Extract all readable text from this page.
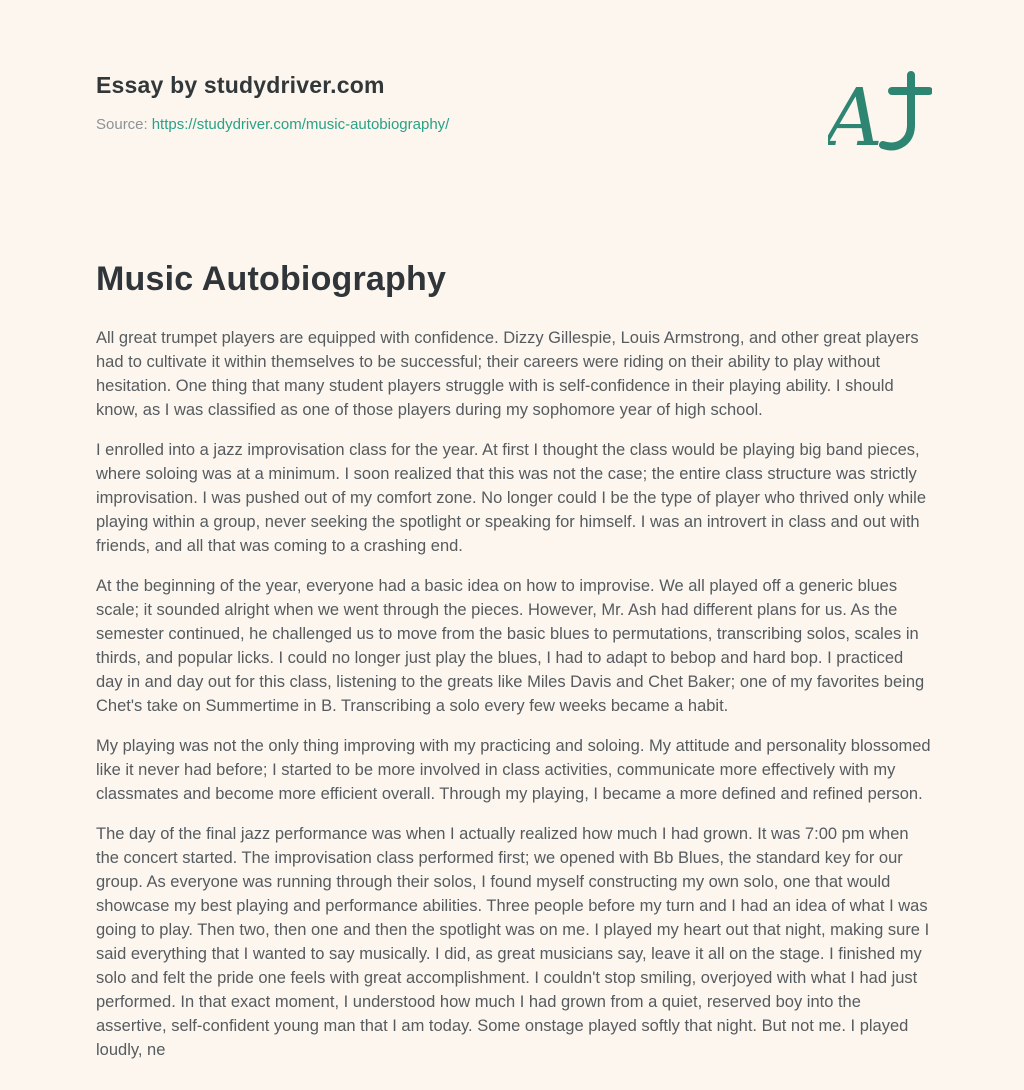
Essay by studydriver.com
Source: https://studydriver.com/music-autobiography/	A
Music Autobiography

All great trumpet players are equipped with confidence. Dizzy Gillespie, Louis Armstrong, and other great players had to cultivate it within themselves to be successful; their careers were riding on their ability to play without hesitation. One thing that many student players struggle with is self-confidence in their playing ability. I should know, as I was classified as one of those players during my sophomore year of high school.

I enrolled into a jazz improvisation class for the year. At first I thought the class would be playing big band pieces, where soloing was at a minimum. I soon realized that this was not the case; the entire class structure was strictly improvisation. I was pushed out of my comfort zone. No longer could I be the type of player who thrived only while playing within a group, never seeking the spotlight or speaking for himself. I was an introvert in class and out with friends, and all that was coming to a crashing end.

At the beginning of the year, everyone had a basic idea on how to improvise. We all played off a generic blues scale; it sounded alright when we went through the pieces. However, Mr. Ash had different plans for us. As the semester continued, he challenged us to move from the basic blues to permutations, transcribing solos, scales in thirds, and popular licks. I could no longer just play the blues, I had to adapt to bebop and hard bop. I practiced day in and day out for this class, listening to the greats like Miles Davis and Chet Baker; one of my favorites being Chet's take on Summertime in B. Transcribing a solo every few weeks became a habit.

My playing was not the only thing improving with my practicing and soloing. My attitude and personality blossomed like it never had before; I started to be more involved in class activities, communicate more effectively with my classmates and become more efficient overall. Through my playing, I became a more defined and refined person.

The day of the final jazz performance was when I actually realized how much I had grown. It was 7:00 pm when the concert started. The improvisation class performed first; we opened with Bb Blues, the standard key for our group. As everyone was running through their solos, I found myself constructing my own solo, one that would showcase my best playing and performance abilities. Three people before my turn and I had an idea of what I was going to play. Then two, then one and then the spotlight was on me. I played my heart out that night, making sure I said everything that I wanted to say musically. I did, as great musicians say, leave it all on the stage. I finished my solo and felt the pride one feels with great accomplishment. I couldn't stop smiling, overjoyed with what I had just performed. In that exact moment, I understood how much I had grown from a quiet, reserved boy into the assertive, self-confident young man that I am today. Some onstage played softly that night. But not me. I played loudly, ne
